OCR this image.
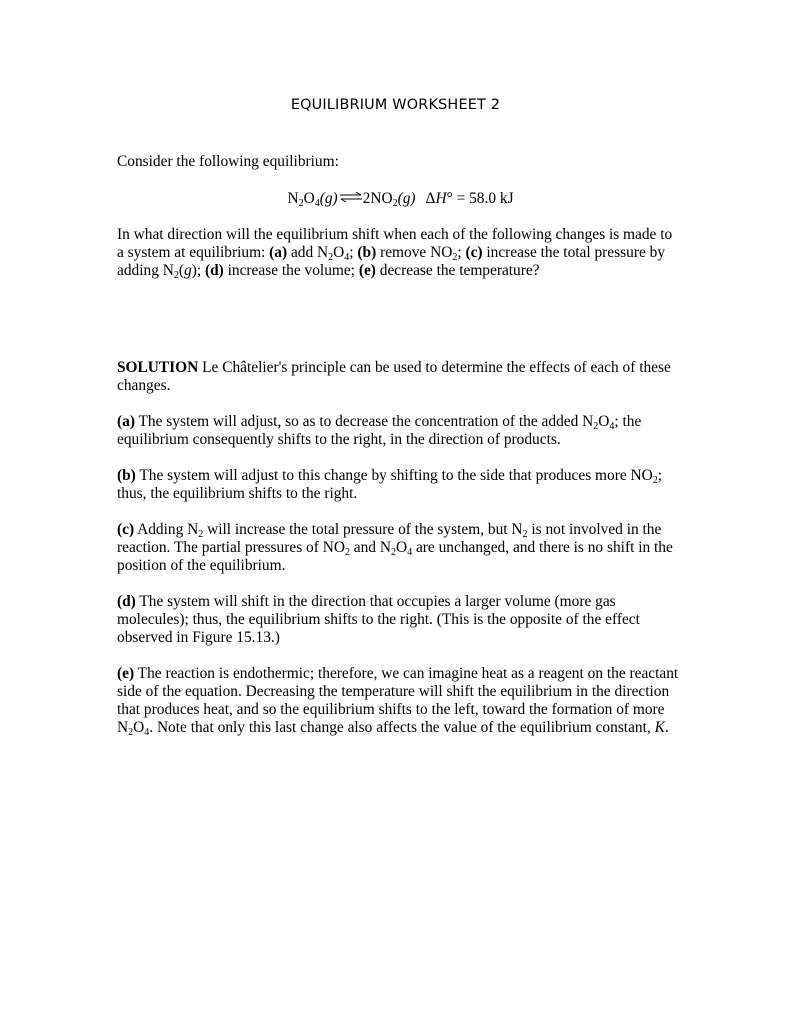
EQUILIBRIUM WORKSHEET 2

Consider the following equilibrium:

$N_2O_4(g)$ $\rightleftharpoons 2NO_2(g) \Delta H^\circ = 58.0$ kJ

In what direction will the equilibrium shift when each of the following changes is made to a system at equilibrium: (a) add $N_2O_4$; (b) remove $NO_2$; (c) increase the total pressure by adding $N_2(g)$; (d) increase the volume; (e) decrease the temperature?

SOLUTION Le Châtelier's principle can be used to determine the effects of each of these changes.

(a) The system will adjust, so as to decrease the concentration of the added $N_2O_4$; the equilibrium consequently shifts to the right, in the direction of products.

(b) The system will adjust to this change by shifting to the side that produces more $NO_2$; thus, the equilibrium shifts to the right.

(c) Adding $N_2$ will increase the total pressure of the system, but $N_2$ is not involved in the reaction. The partial pressures of $NO_2$ and $N_2O_4$ are unchanged, and there is no shift in the position of the equilibrium.

(d) The system will shift in the direction that occupies a larger volume (more gas molecules); thus, the equilibrium shifts to the right. (This is the opposite of the effect observed in Figure 15.13.)

(e) The reaction is endothermic; therefore, we can imagine heat as a reagent on the reactant side of the equation. Decreasing the temperature will shift the equilibrium in the direction that produces heat, and so the equilibrium shifts to the left, toward the formation of more $N_2O_4$. Note that only this last change also affects the value of the equilibrium constant, K.
